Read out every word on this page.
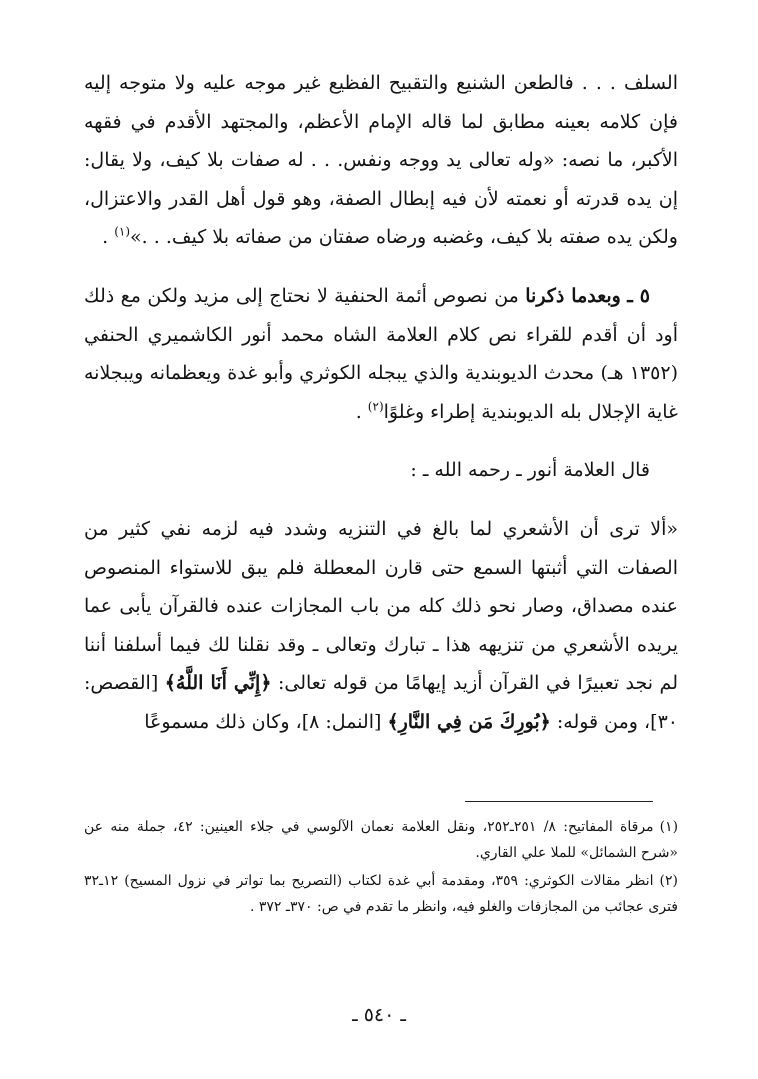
السلف . . . فالطعن الشنيع والتقبيح الفظيع غير موجه عليه ولا متوجه إليه فإن كلامه بعينه مطابق لما قاله الإمام الأعظم، والمجتهد الأقدم في فقهه الأكبر، ما نصه: «وله تعالى يد ووجه ونفس. . . له صفات بلا كيف، ولا يقال: إن يده قدرته أو نعمته لأن فيه إبطال الصفة، وهو قول أهل القدر والاعتزال، ولكن يده صفته بلا كيف، وغضبه ورضاه صفتان من صفاته بلا كيف. . .»$^{(١)}$ .

٥ ـ وبعدما ذكرنا من نصوص أئمة الحنفية لا نحتاج إلى مزيد ولكن مع ذلك أود أن أقدم للقراء نص كلام العلامة الشاه محمد أنور الكاشميري الحنفي (١٣٥٢ هـ) محدث الديوبندية والذي يبجله الكوثري وأبو غدة ويعظمانه ويبجلانه غاية الإجلال بله الديوبندية إطراء وغلوًا$^{(٢)}$ .

قال العلامة أنور ـ رحمه الله ـ :

«ألا ترى أن الأشعري لما بالغ في التنزيه وشدد فيه لزمه نفي كثير من الصفات التي أثبتها السمع حتى قارن المعطلة فلم يبق للاستواء المنصوص عنده مصداق، وصار نحو ذلك كله من باب المجازات عنده فالقرآن يأبى عما يريده الأشعري من تنزيهه هذا ـ تبارك وتعالى ـ وقد نقلنا لك فيما أسلفنا أننا لم نجد تعبيرًا في القرآن أزيد إيهامًا من قوله تعالى: ﴿إِنِّي أَنَا اللَّهُ﴾ [القصص: ٣٠]، ومن قوله: ﴿بُورِكَ مَن فِي النَّارِ﴾ [النمل: ٨]، وكان ذلك مسموعًا

(١)مرقاة المفاتيح: ٨/ ٢٥١ـ٢٥٢، ونقل العلامة نعمان الآلوسي في جلاء العينين: ٤٢، جملة منه عن «شرح الشمائل» للملا علي القاري.

(٢)انظر مقالات الكوثري: ٣٥٩، ومقدمة أبي غدة لكتاب (التصريح بما تواتر في نزول المسيح) ١٢ـ٣٢ فترى عجائب من المجازفات والغلو فيه، وانظر ما تقدم في ص: ٣٧٠ـ ٣٧٢ .

ـ ٥٤٠ ـ
